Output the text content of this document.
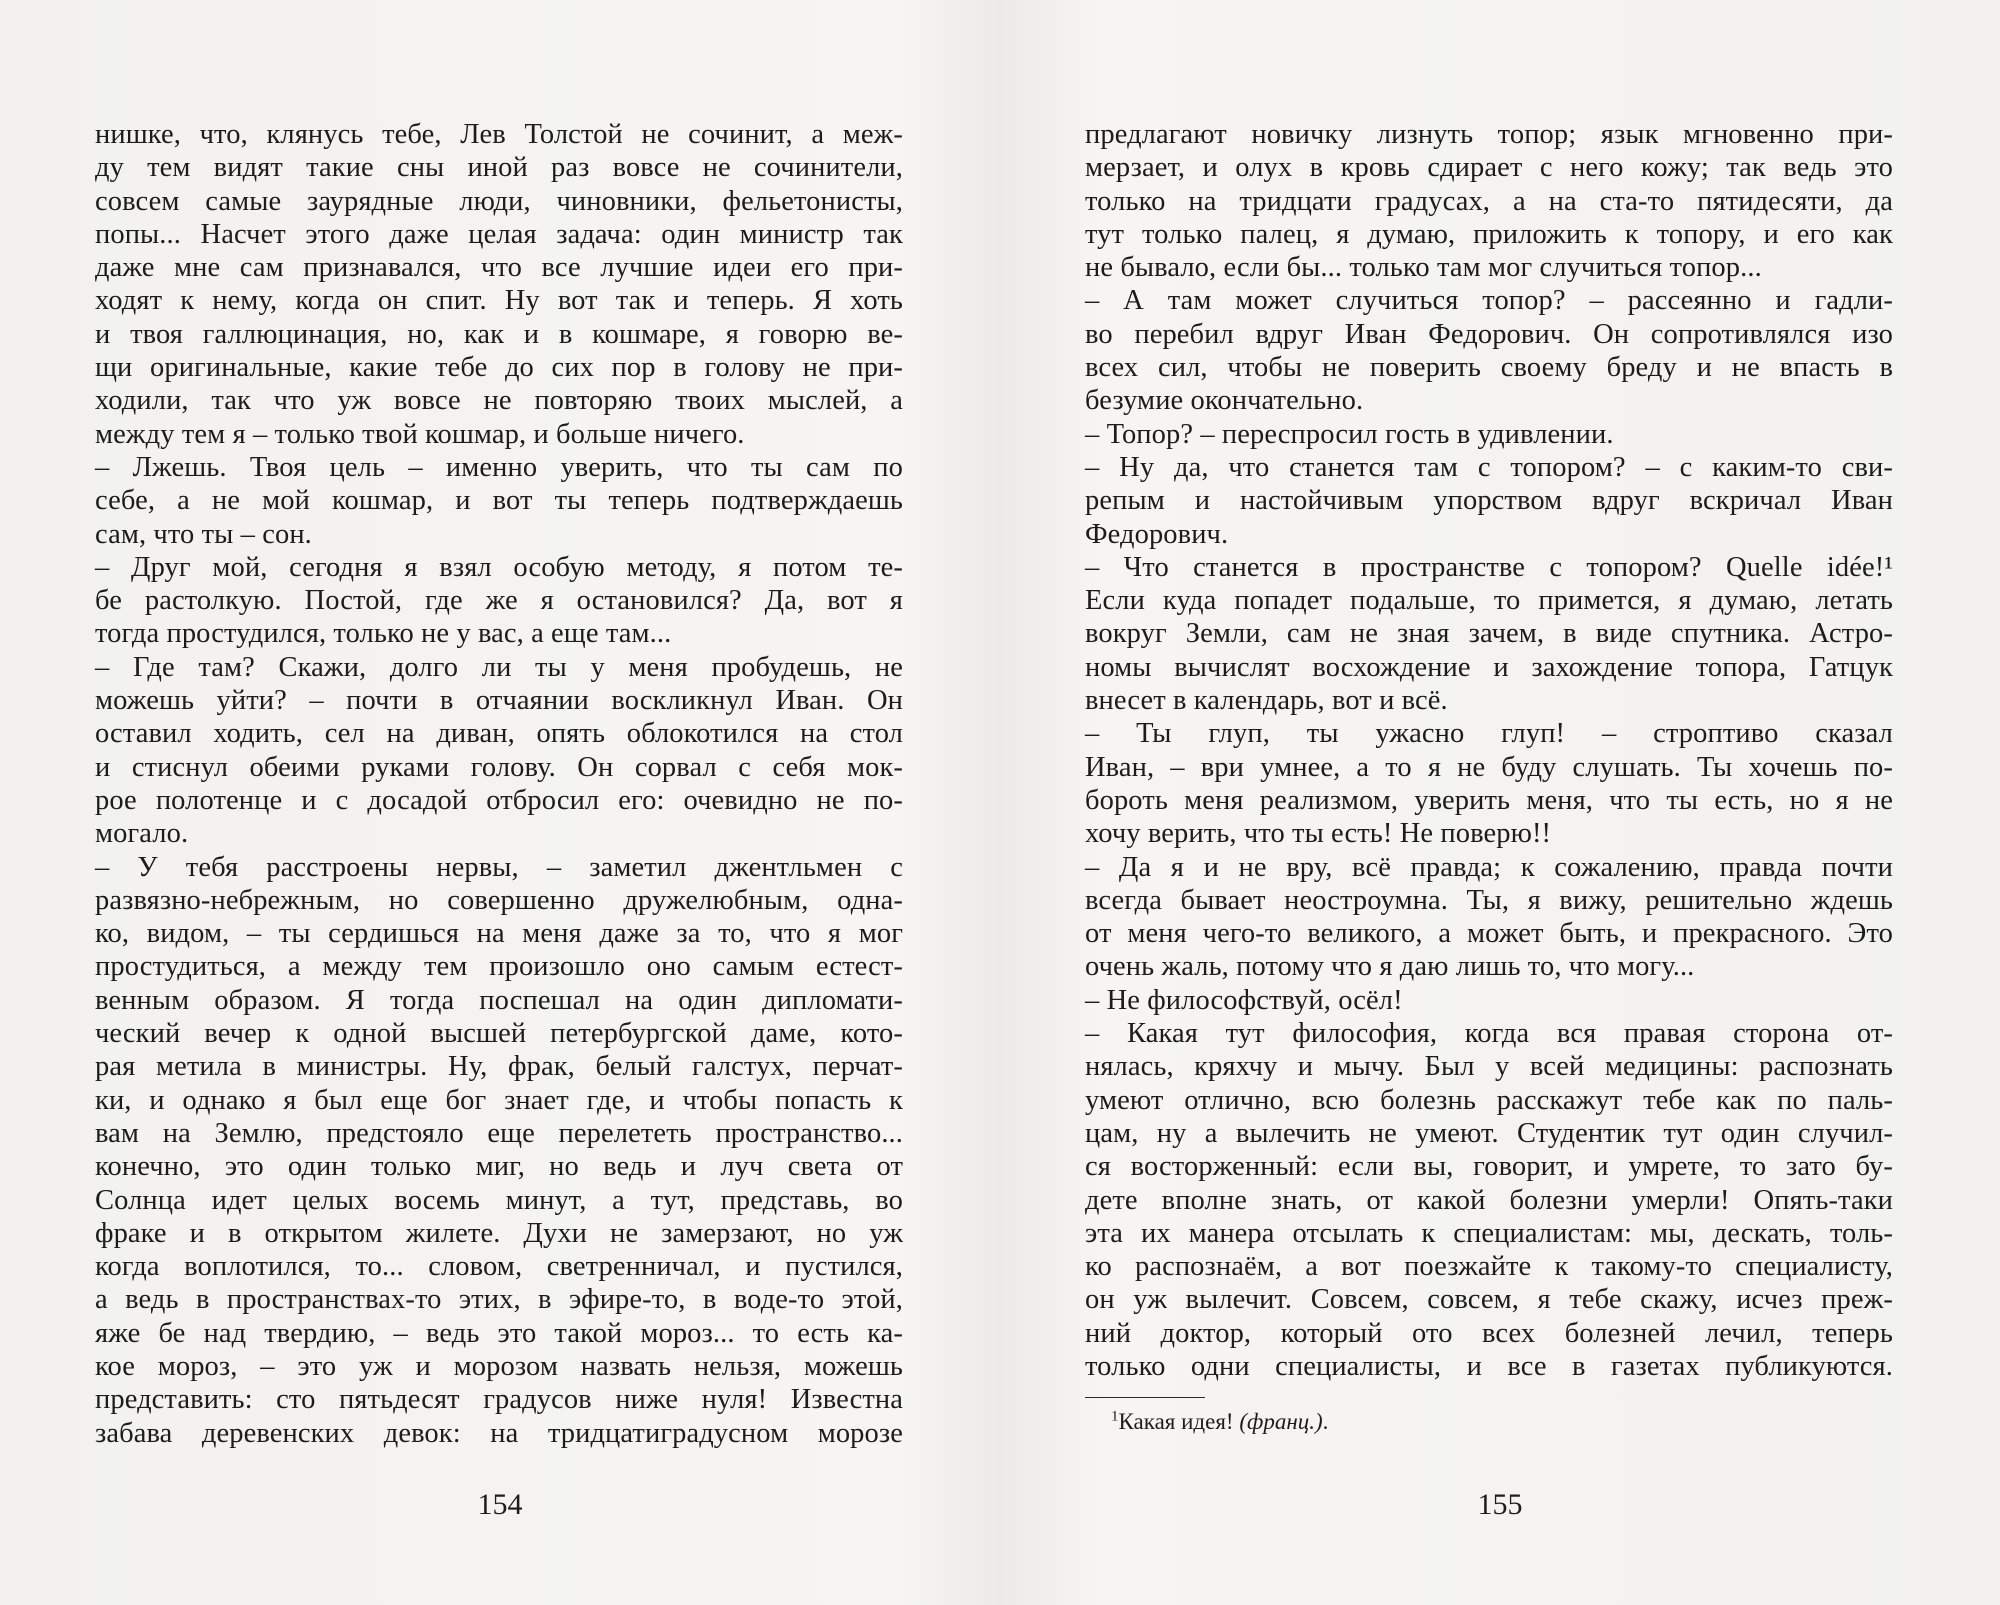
нишке, что, клянусь тебе, Лев Толстой не сочинит, а меж-
ду тем видят такие сны иной раз вовсе не сочинители,
совсем самые заурядные люди, чиновники, фельетонисты,
попы... Насчет этого даже целая задача: один министр так
даже мне сам признавался, что все лучшие идеи его при-
ходят к нему, когда он спит. Ну вот так и теперь. Я хоть
и твоя галлюцинация, но, как и в кошмаре, я говорю ве-
щи оригинальные, какие тебе до сих пор в голову не при-
ходили, так что уж вовсе не повторяю твоих мыслей, а
между тем я – только твой кошмар, и больше ничего.
– Лжешь. Твоя цель – именно уверить, что ты сам по
себе, а не мой кошмар, и вот ты теперь подтверждаешь
сам, что ты – сон.
– Друг мой, сегодня я взял особую методу, я потом те-
бе растолкую. Постой, где же я остановился? Да, вот я
тогда простудился, только не у вас, а еще там...
– Где там? Скажи, долго ли ты у меня пробудешь, не
можешь уйти? – почти в отчаянии воскликнул Иван. Он
оставил ходить, сел на диван, опять облокотился на стол
и стиснул обеими руками голову. Он сорвал с себя мок-
рое полотенце и с досадой отбросил его: очевидно не по-
могало.
– У тебя расстроены нервы, – заметил джентльмен с
развязно-небрежным, но совершенно дружелюбным, одна-
ко, видом, – ты сердишься на меня даже за то, что я мог
простудиться, а между тем произошло оно самым естест-
венным образом. Я тогда поспешал на один дипломати-
ческий вечер к одной высшей петербургской даме, кото-
рая метила в министры. Ну, фрак, белый галстух, перчат-
ки, и однако я был еще бог знает где, и чтобы попасть к
вам на Землю, предстояло еще перелететь пространство...
конечно, это один только миг, но ведь и луч света от
Солнца идет целых восемь минут, а тут, представь, во
фраке и в открытом жилете. Духи не замерзают, но уж
когда воплотился, то... словом, светренничал, и пустился,
а ведь в пространствах-то этих, в эфире-то, в воде-то этой,
яже бе над твердию, – ведь это такой мороз... то есть ка-
кое мороз, – это уж и морозом назвать нельзя, можешь
представить: сто пятьдесят градусов ниже нуля! Известна
забава деревенских девок: на тридцатиградусном морозе
154
предлагают новичку лизнуть топор; язык мгновенно при-
мерзает, и олух в кровь сдирает с него кожу; так ведь это
только на тридцати градусах, а на ста-то пятидесяти, да
тут только палец, я думаю, приложить к топору, и его как
не бывало, если бы... только там мог случиться топор...
– А там может случиться топор? – рассеянно и гадли-
во перебил вдруг Иван Федорович. Он сопротивлялся изо
всех сил, чтобы не поверить своему бреду и не впасть в
безумие окончательно.
– Топор? – переспросил гость в удивлении.
– Ну да, что станется там с топором? – с каким-то сви-
репым и настойчивым упорством вдруг вскричал Иван
Федорович.
– Что станется в пространстве с топором? Quelle idée!¹
Если куда попадет подальше, то примется, я думаю, летать
вокруг Земли, сам не зная зачем, в виде спутника. Астро-
номы вычислят восхождение и захождение топора, Гатцук
внесет в календарь, вот и всё.
– Ты глуп, ты ужасно глуп! – строптиво сказал
Иван, – ври умнее, а то я не буду слушать. Ты хочешь по-
бороть меня реализмом, уверить меня, что ты есть, но я не
хочу верить, что ты есть! Не поверю!!
– Да я и не вру, всё правда; к сожалению, правда почти
всегда бывает неостроумна. Ты, я вижу, решительно ждешь
от меня чего-то великого, а может быть, и прекрасного. Это
очень жаль, потому что я даю лишь то, что могу...
– Не философствуй, осёл!
– Какая тут философия, когда вся правая сторона от-
нялась, кряхчу и мычу. Был у всей медицины: распознать
умеют отлично, всю болезнь расскажут тебе как по паль-
цам, ну а вылечить не умеют. Студентик тут один случил-
ся восторженный: если вы, говорит, и умрете, то зато бу-
дете вполне знать, от какой болезни умерли! Опять-таки
эта их манера отсылать к специалистам: мы, дескать, толь-
ко распознаём, а вот поезжайте к такому-то специалисту,
он уж вылечит. Совсем, совсем, я тебе скажу, исчез преж-
ний доктор, который ото всех болезней лечил, теперь
только одни специалисты, и все в газетах публикуются.
$^1$Какая идея! (франц.).
155
